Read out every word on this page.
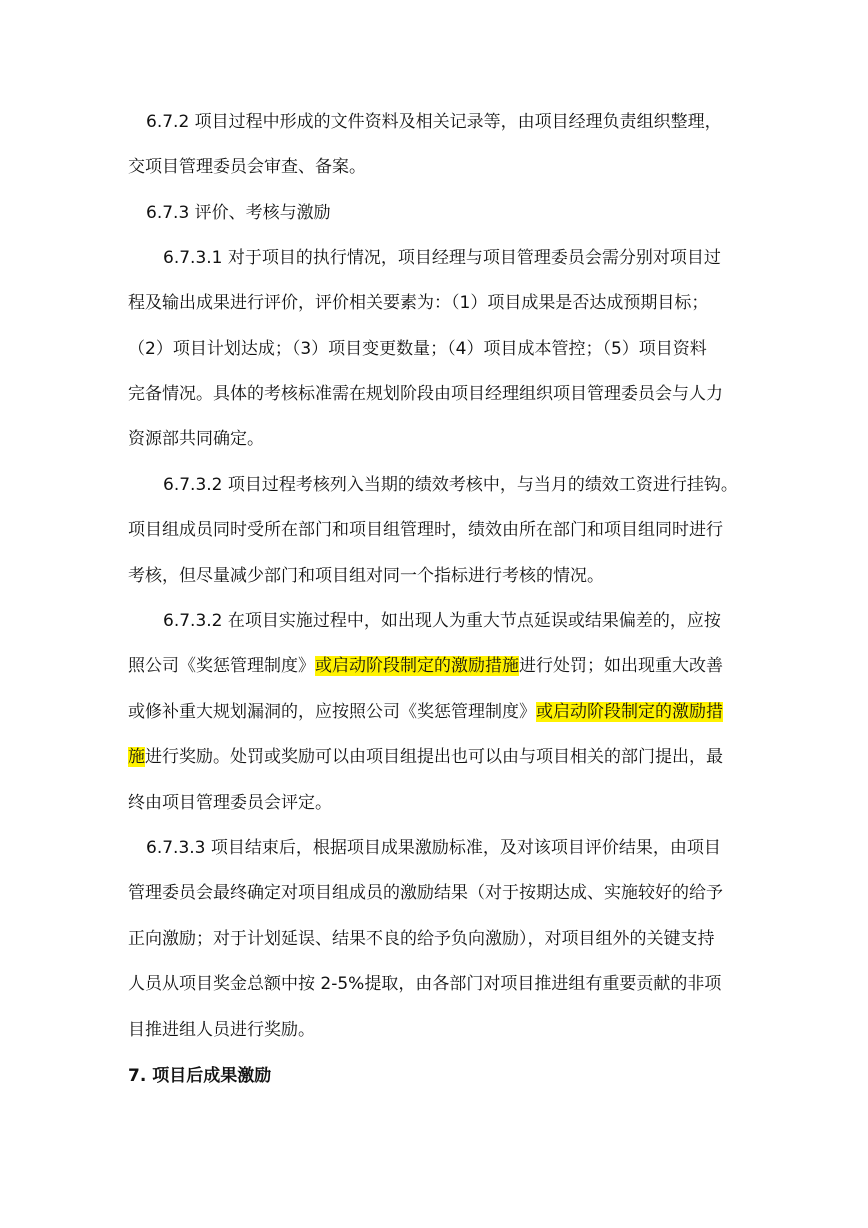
6.7.2 项目过程中形成的文件资料及相关记录等，由项目经理负责组织整理，
交项目管理委员会审查、备案。
6.7.3 评价、考核与激励
6.7.3.1 对于项目的执行情况，项目经理与项目管理委员会需分别对项目过
程及输出成果进行评价，评价相关要素为：（1）项目成果是否达成预期目标；
（2）项目计划达成；（3）项目变更数量；（4）项目成本管控；（5）项目资料
完备情况。具体的考核标准需在规划阶段由项目经理组织项目管理委员会与人力
资源部共同确定。
6.7.3.2 项目过程考核列入当期的绩效考核中，与当月的绩效工资进行挂钩。
项目组成员同时受所在部门和项目组管理时，绩效由所在部门和项目组同时进行
考核，但尽量减少部门和项目组对同一个指标进行考核的情况。
6.7.3.2 在项目实施过程中，如出现人为重大节点延误或结果偏差的，应按
照公司《奖惩管理制度》或启动阶段制定的激励措施进行处罚；如出现重大改善
或修补重大规划漏洞的，应按照公司《奖惩管理制度》或启动阶段制定的激励措
施进行奖励。处罚或奖励可以由项目组提出也可以由与项目相关的部门提出，最
终由项目管理委员会评定。
6.7.3.3 项目结束后，根据项目成果激励标准，及对该项目评价结果，由项目
管理委员会最终确定对项目组成员的激励结果（对于按期达成、实施较好的给予
正向激励；对于计划延误、结果不良的给予负向激励），对项目组外的关键支持
人员从项目奖金总额中按 2-5%提取，由各部门对项目推进组有重要贡献的非项
目推进组人员进行奖励。
7. 项目后成果激励
